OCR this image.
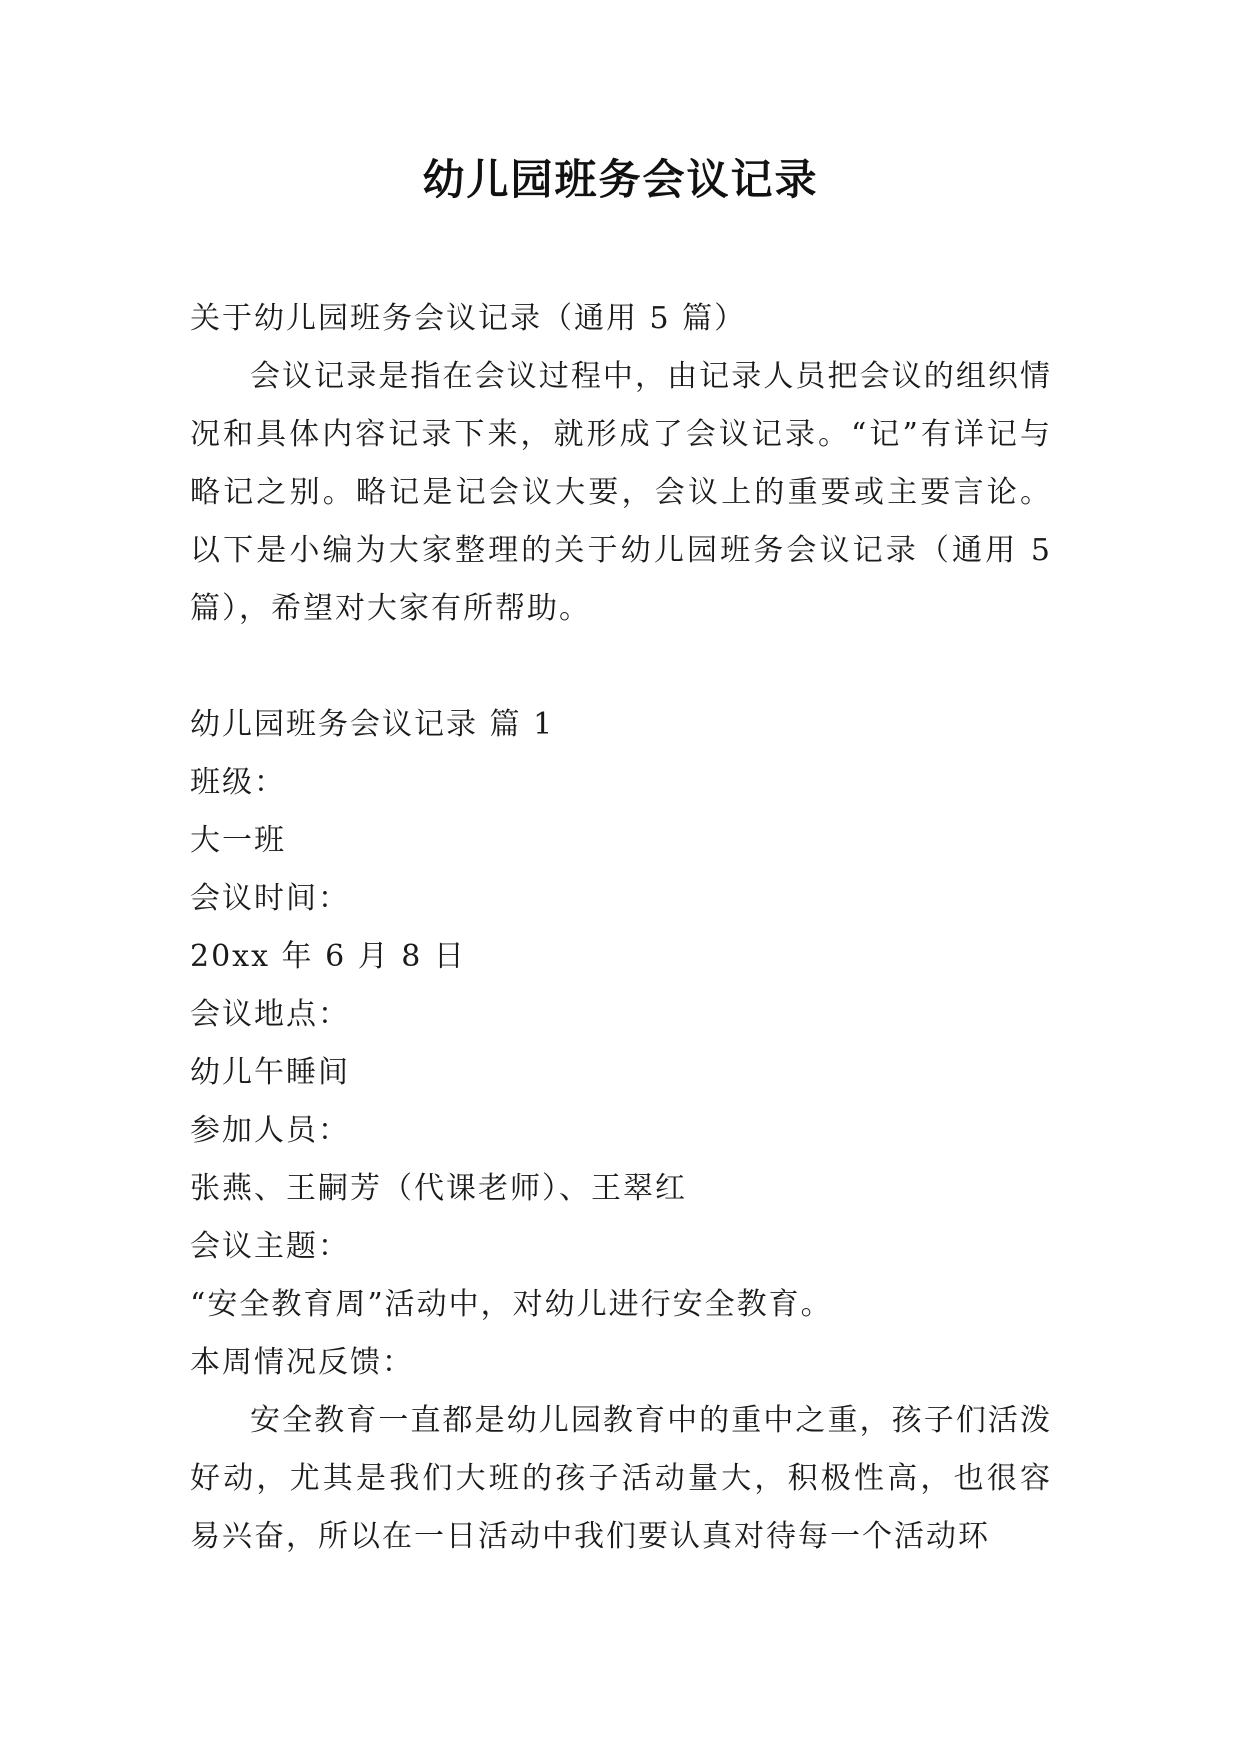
幼儿园班务会议记录

关于幼儿园班务会议记录（通用 5 篇）

会议记录是指在会议过程中，由记录人员把会议的组织情况和具体内容记录下来，就形成了会议记录。“记”有详记与略记之别。略记是记会议大要，会议上的重要或主要言论。以下是小编为大家整理的关于幼儿园班务会议记录（通用 5 篇），希望对大家有所帮助。

幼儿园班务会议记录 篇 1

班级：

大一班

会议时间：

20xx 年 6 月 8 日

会议地点：

幼儿午睡间

参加人员：

张燕、王嗣芳（代课老师）、王翠红

会议主题：

“安全教育周”活动中，对幼儿进行安全教育。

本周情况反馈：

安全教育一直都是幼儿园教育中的重中之重，孩子们活泼好动，尤其是我们大班的孩子活动量大，积极性高，也很容易兴奋，所以在一日活动中我们要认真对待每一个活动环
